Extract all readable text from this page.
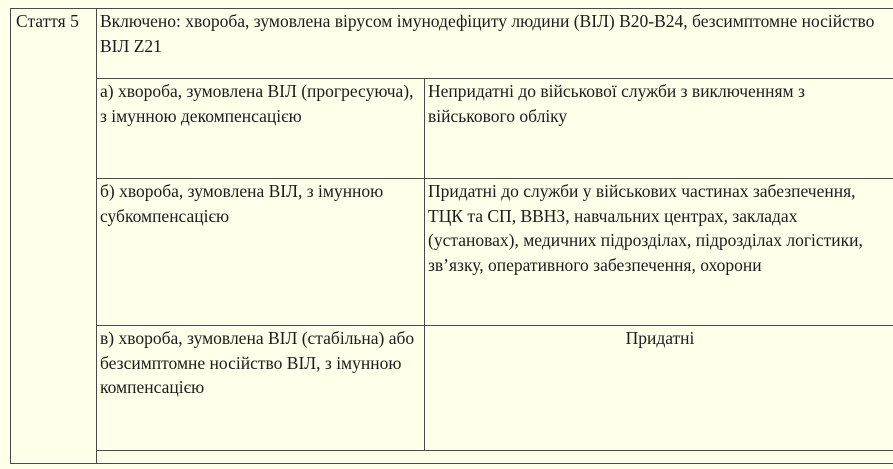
Стаття 5	Включено: хвороба, зумовлена вірусом імунодефіциту людини (ВІЛ) B20-B24, безсимптомне носійство ВІЛ Z21	
	а) хвороба, зумовлена ВІЛ (прогресуюча), з імунною декомпенсацією	Непридатні до військової служби з виключенням з військового обліку
	б) хвороба, зумовлена ВІЛ, з імунною субкомпенсацією	Придатні до служби у військових частинах забезпечення, ТЦК та СП, ВВНЗ, навчальних центрах, закладах (установах), медичних підрозділах, підрозділах логістики, зв’язку, оперативного забезпечення, охорони
	в) хвороба, зумовлена ВІЛ (стабільна) або безсимптомне носійство ВІЛ, з імунною компенсацією	Придатні
